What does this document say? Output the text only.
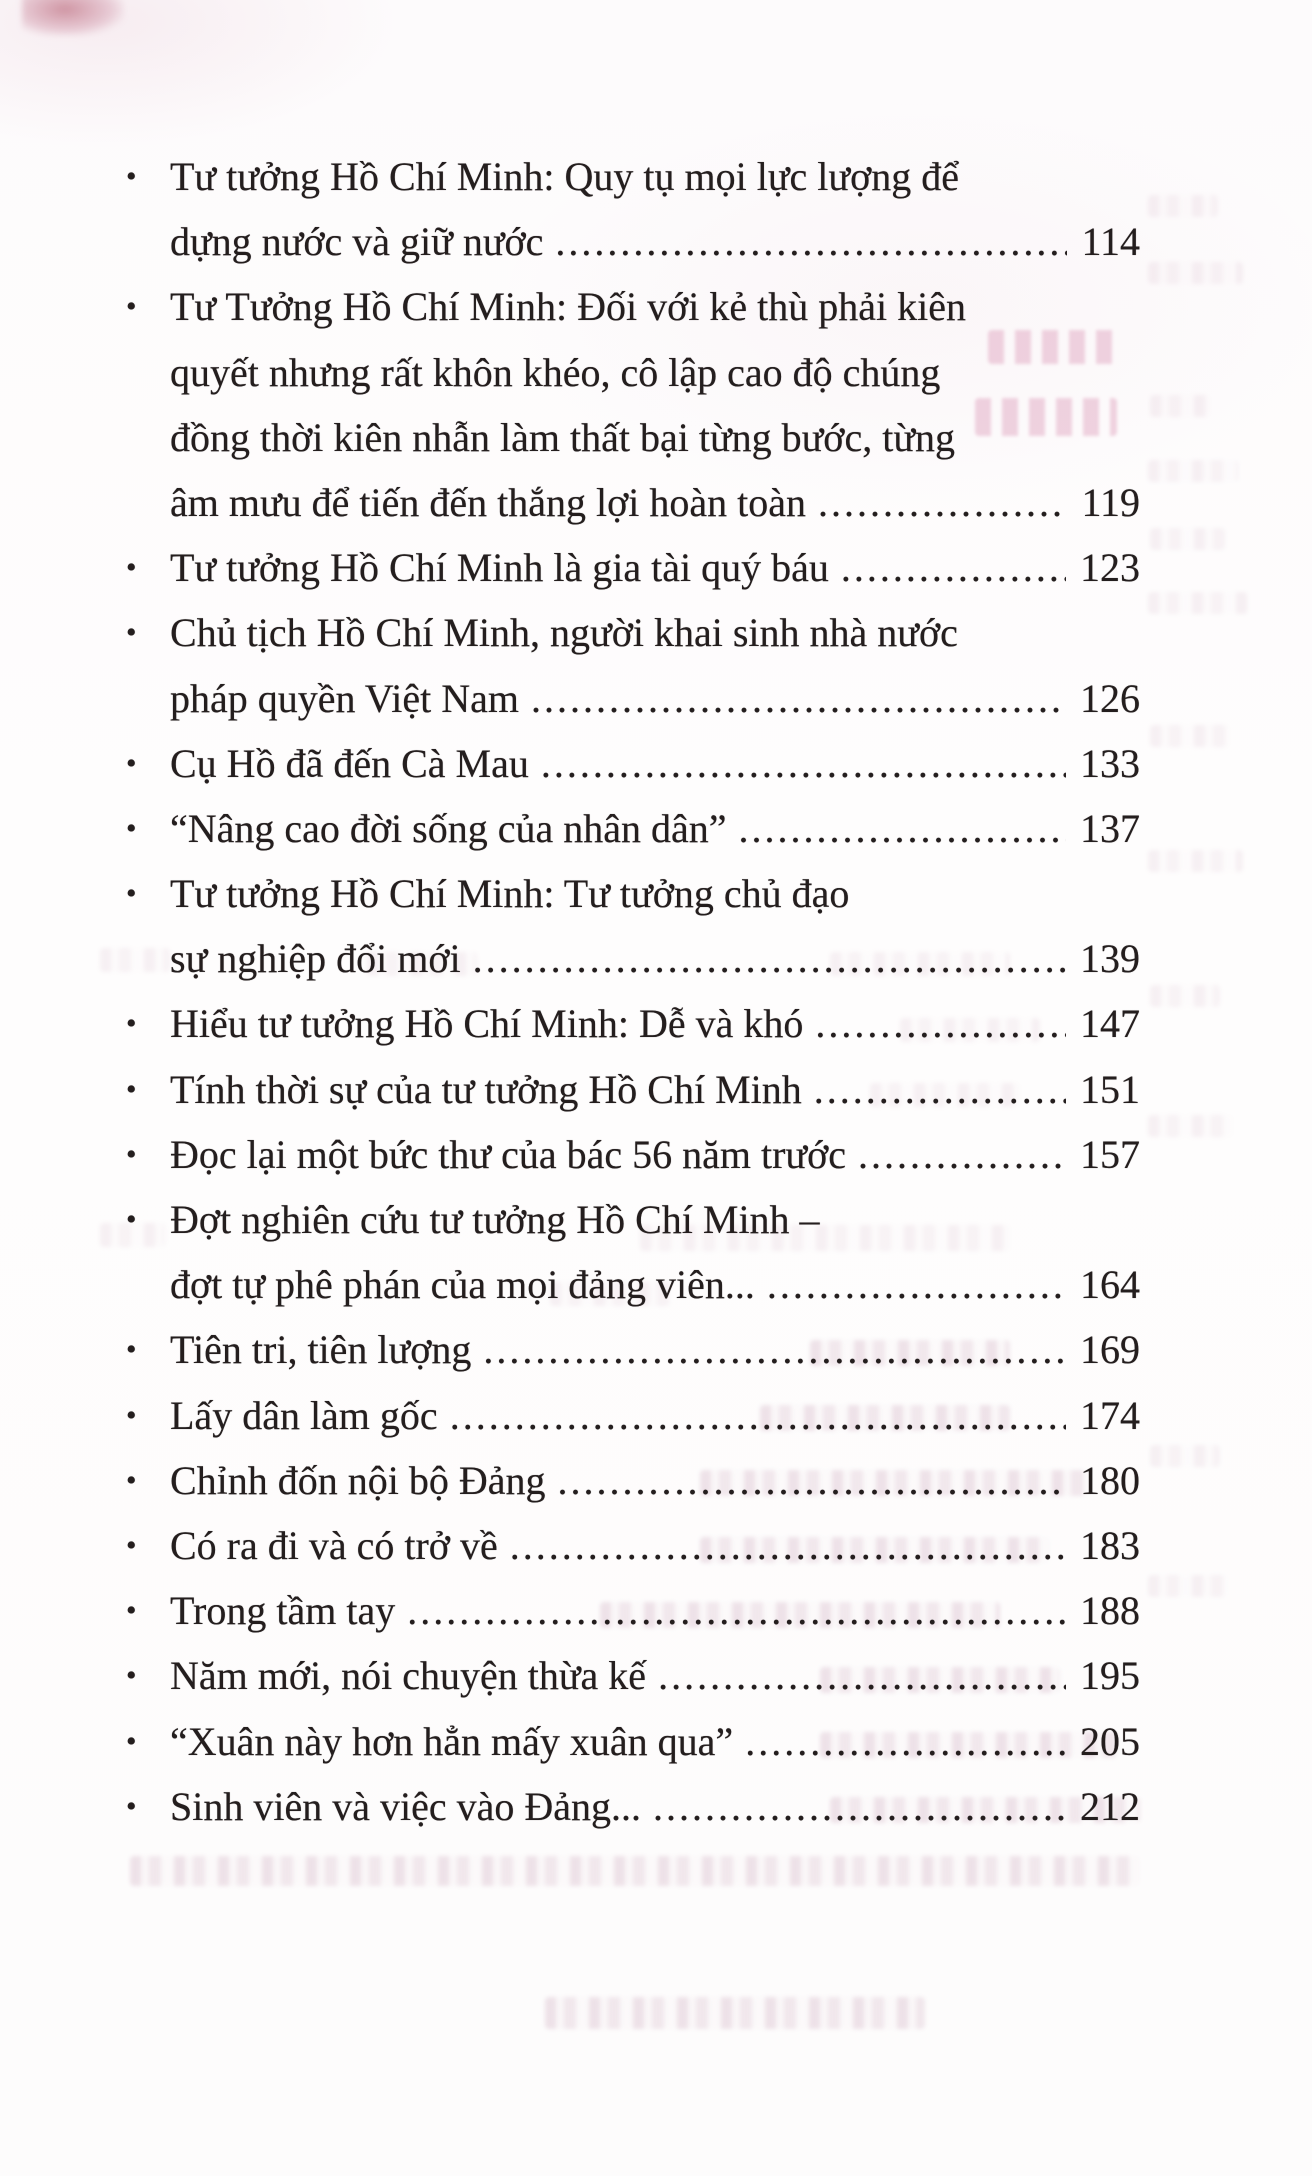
• Tư tưởng Hồ Chí Minh: Quy tụ mọi lực lượng để
dựng nước và giữ nước .....	114
• Tư Tưởng Hồ Chí Minh: Đối với kẻ thù phải kiên
quyết nhưng rất khôn khéo, cô lập cao độ chúng
đồng thời kiên nhẫn làm thất bại từng bước, từng
âm mưu để tiến đến thắng lợi hoàn toàn .....	119
• Tư tưởng Hồ Chí Minh là gia tài quý báu .....	123
• Chủ tịch Hồ Chí Minh, người khai sinh nhà nước
pháp quyền Việt Nam .....	126
• Cụ Hồ đã đến Cà Mau .....	133
• “Nâng cao đời sống của nhân dân” .....	137
• Tư tưởng Hồ Chí Minh: Tư tưởng chủ đạo
sự nghiệp đổi mới .....	139
• Hiểu tư tưởng Hồ Chí Minh: Dễ và khó .....	147
• Tính thời sự của tư tưởng Hồ Chí Minh .....	151
• Đọc lại một bức thư của bác 56 năm trước .....	157
• Đợt nghiên cứu tư tưởng Hồ Chí Minh –
đợt tự phê phán của mọi đảng viên... .....	164
• Tiên tri, tiên lượng .....	169
• Lấy dân làm gốc .....	174
• Chỉnh đốn nội bộ Đảng .....	180
• Có ra đi và có trở về .....	183
• Trong tầm tay .....	188
• Năm mới, nói chuyện thừa kế .....	195
• “Xuân này hơn hẳn mấy xuân qua” .....	205
• Sinh viên và việc vào Đảng... .....	212
